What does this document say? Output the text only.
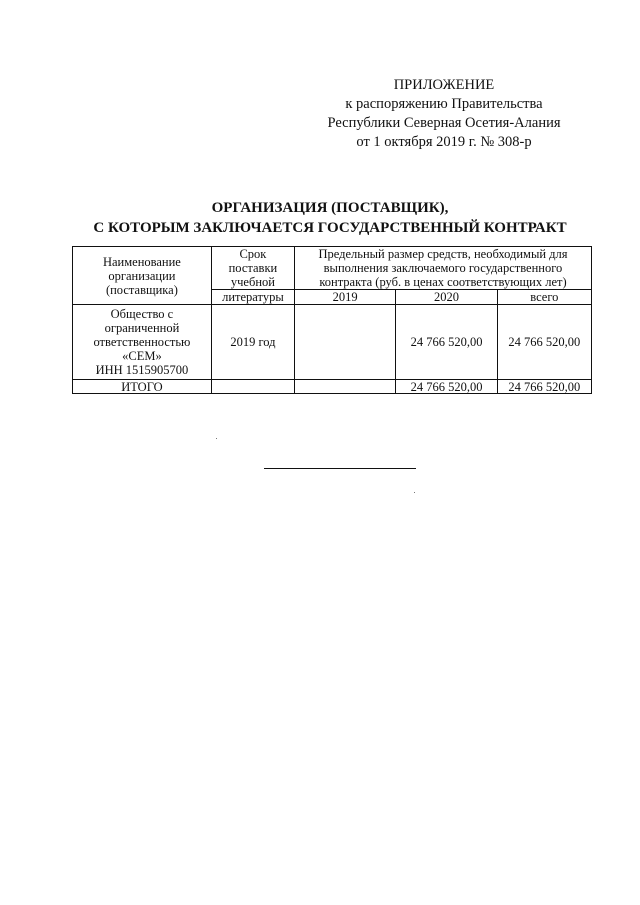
ПРИЛОЖЕНИЕ
к распоряжению Правительства
Республики Северная Осетия-Алания
от 1 октября 2019 г. № 308-р
ОРГАНИЗАЦИЯ (ПОСТАВЩИК),
С КОТОРЫМ ЗАКЛЮЧАЕТСЯ ГОСУДАРСТВЕННЫЙ КОНТРАКТ
Наименование организации (поставщика)	Срок поставки учебной	Предельный размер средств, необходимый для выполнения заключаемого государственного контракта (руб. в ценах соответствующих лет)		
	литературы	2019	2020	всего

Общество с
ограниченной
ответственностью
«СЕМ»
ИНН 1515905700	2019 год		24 766 520,00	24 766 520,00
ИТОГО			24 766 520,00	24 766 520,00
